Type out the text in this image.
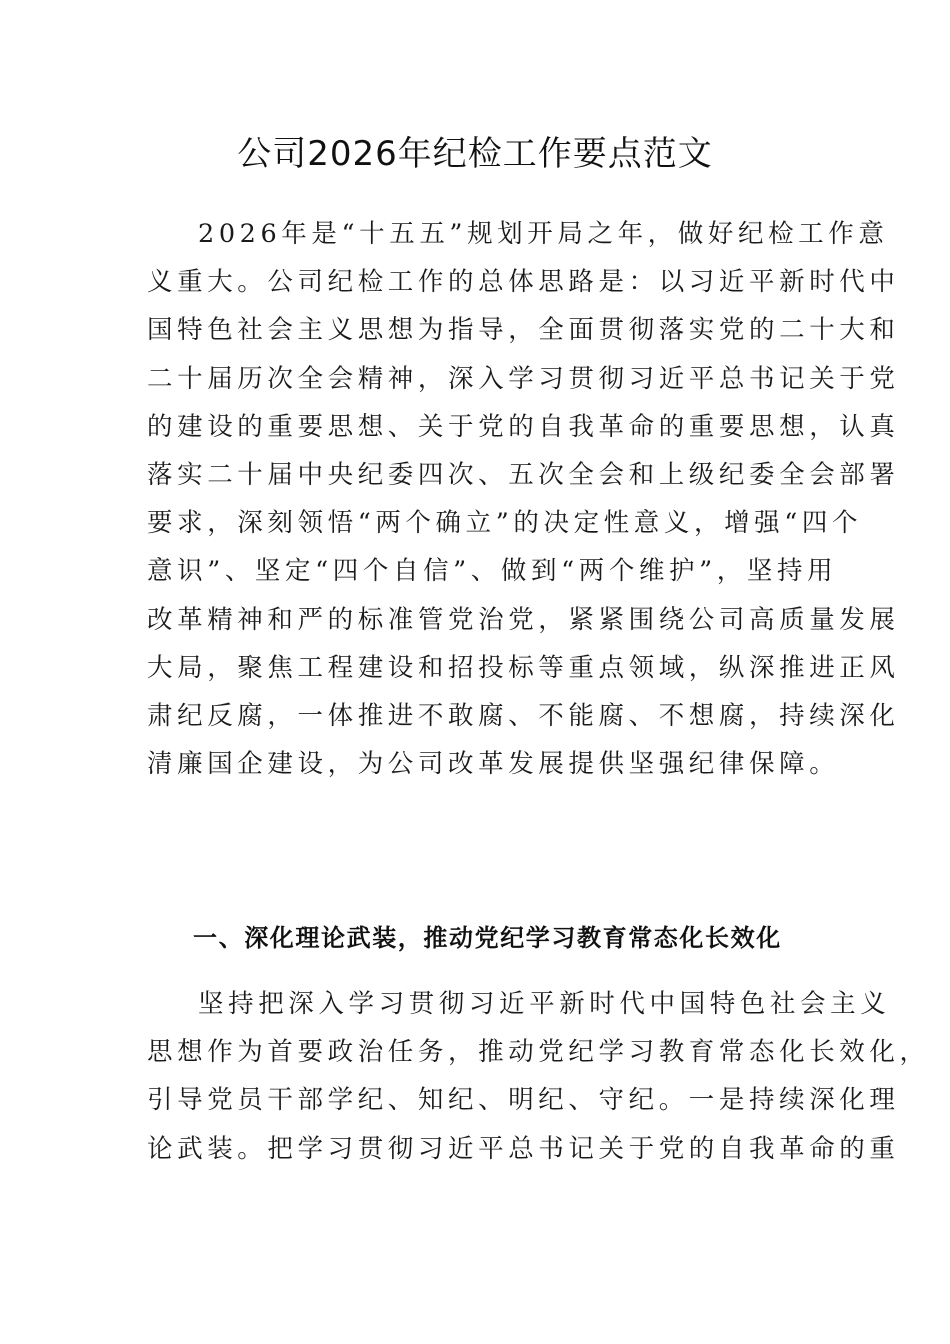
公司2026年纪检工作要点范文
2026年是“十五五”规划开局之年，做好纪检工作意
义重大。公司纪检工作的总体思路是：以习近平新时代中
国特色社会主义思想为指导，全面贯彻落实党的二十大和
二十届历次全会精神，深入学习贯彻习近平总书记关于党
的建设的重要思想、关于党的自我革命的重要思想，认真
落实二十届中央纪委四次、五次全会和上级纪委全会部署
要求，深刻领悟“两个确立”的决定性意义，增强“四个
意识”、坚定“四个自信”、做到“两个维护”，坚持用
改革精神和严的标准管党治党，紧紧围绕公司高质量发展
大局，聚焦工程建设和招投标等重点领域，纵深推进正风
肃纪反腐，一体推进不敢腐、不能腐、不想腐，持续深化
清廉国企建设，为公司改革发展提供坚强纪律保障。
一、深化理论武装，推动党纪学习教育常态化长效化
坚持把深入学习贯彻习近平新时代中国特色社会主义
思想作为首要政治任务，推动党纪学习教育常态化长效化，
引导党员干部学纪、知纪、明纪、守纪。一是持续深化理
论武装。把学习贯彻习近平总书记关于党的自我革命的重
